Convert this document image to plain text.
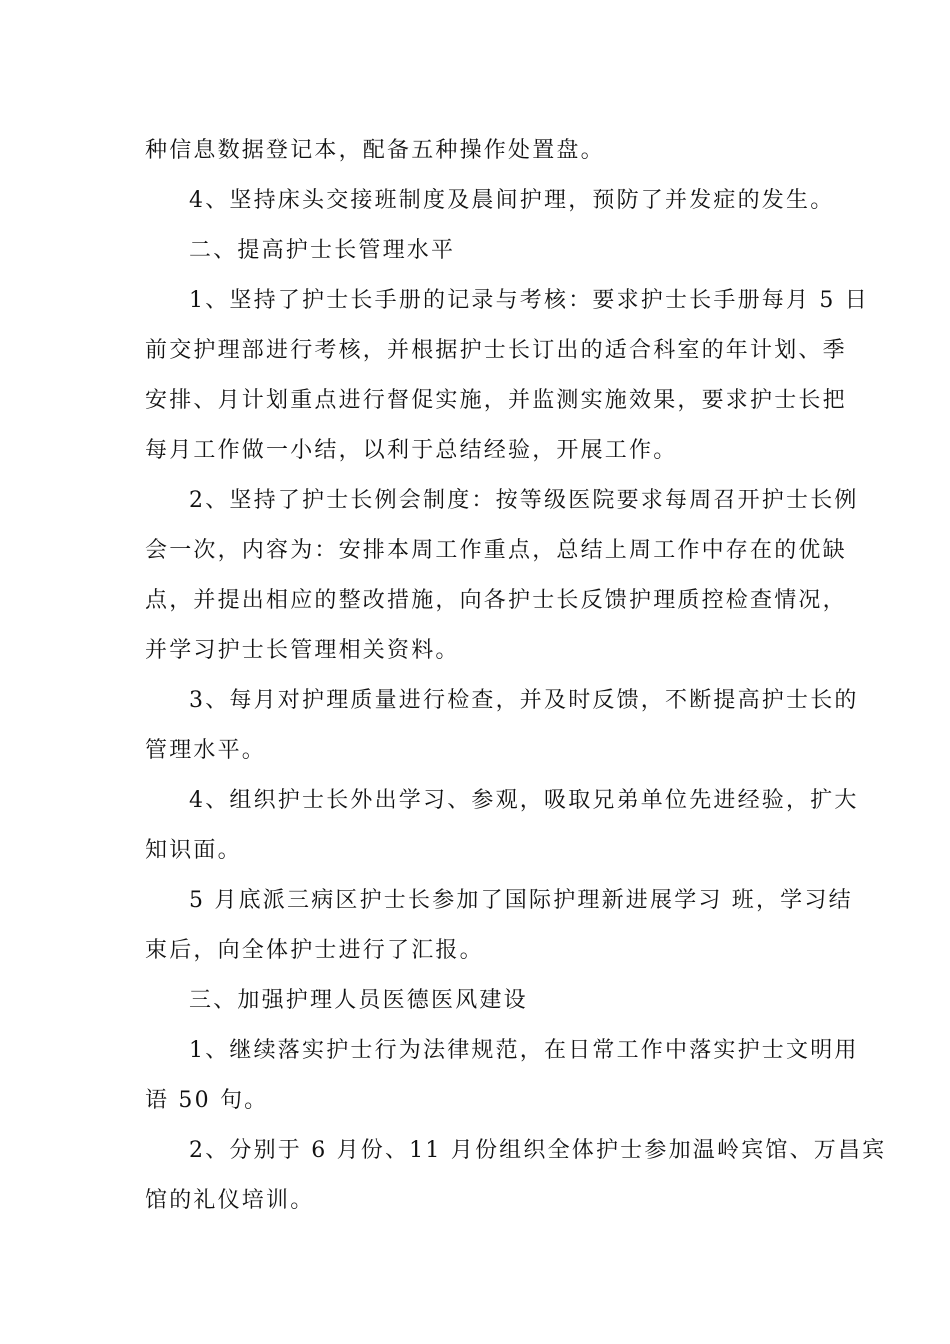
种信息数据登记本，配备五种操作处置盘。

4、坚持床头交接班制度及晨间护理，预防了并发症的发生。

二、提高护士长管理水平

1、坚持了护士长手册的记录与考核：要求护士长手册每月 5 日

前交护理部进行考核，并根据护士长订出的适合科室的年计划、季

安排、月计划重点进行督促实施，并监测实施效果，要求护士长把

每月工作做一小结，以利于总结经验，开展工作。

2、坚持了护士长例会制度：按等级医院要求每周召开护士长例

会一次，内容为：安排本周工作重点，总结上周工作中存在的优缺

点，并提出相应的整改措施，向各护士长反馈护理质控检查情况，

并学习护士长管理相关资料。

3、每月对护理质量进行检查，并及时反馈，不断提高护士长的

管理水平。

4、组织护士长外出学习、参观，吸取兄弟单位先进经验，扩大

知识面。

5 月底派三病区护士长参加了国际护理新进展学习 班，学习结

束后，向全体护士进行了汇报。

三、加强护理人员医德医风建设

1、继续落实护士行为法律规范，在日常工作中落实护士文明用

语 50 句。

2、分别于 6 月份、11 月份组织全体护士参加温岭宾馆、万昌宾

馆的礼仪培训。
